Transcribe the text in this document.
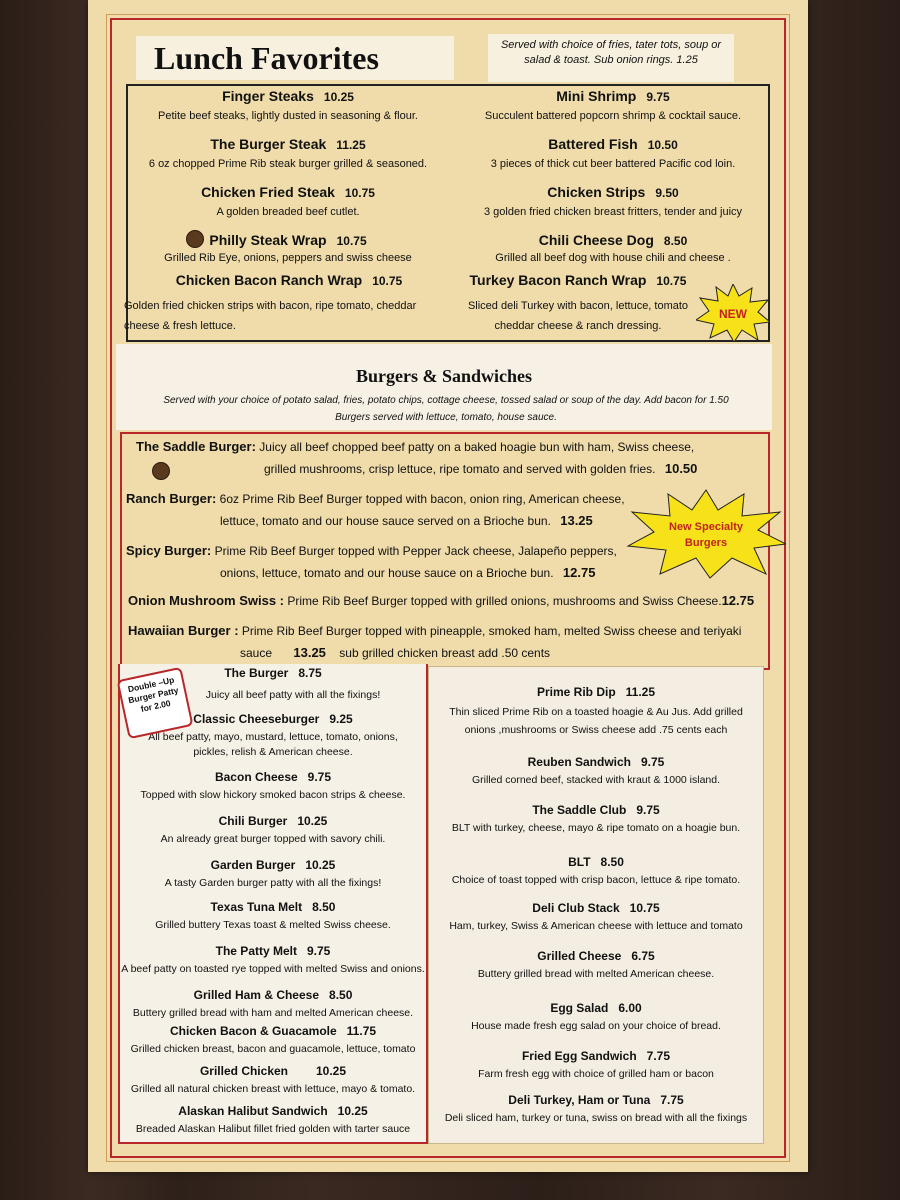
Lunch Favorites	Served with choice of fries, tater tots, soup or salad & toast. Sub onion rings. 1.25
Finger Steaks 10.25
Petite beef steaks, lightly dusted in seasoning & flour.
The Burger Steak 11.25
6 oz chopped Prime Rib steak burger grilled & seasoned.
Chicken Fried Steak 10.75
A golden breaded beef cutlet.
Philly Steak Wrap 10.75
Grilled Rib Eye, onions, peppers and swiss cheese
Chicken Bacon Ranch Wrap 10.75
Golden fried chicken strips with bacon, ripe tomato, cheddar cheese & fresh lettuce.
Mini Shrimp 9.75
Succulent battered popcorn shrimp & cocktail sauce.
Battered Fish 10.50
3 pieces of thick cut beer battered Pacific cod loin.
Chicken Strips 9.50
3 golden fried chicken breast fritters, tender and juicy
Chili Cheese Dog 8.50
Grilled all beef dog with house chili and cheese .
Turkey Bacon Ranch Wrap 10.75
Sliced deli Turkey with bacon, lettuce, tomato cheddar cheese & ranch dressing.
NEW
Burgers & Sandwiches
Served with your choice of potato salad, fries, potato chips, cottage cheese, tossed salad or soup of the day. Add bacon for 1.50
Burgers served with lettuce, tomato, house sauce.
The Saddle Burger: Juicy all beef chopped beef patty on a baked hoagie bun with ham, Swiss cheese,
grilled mushrooms, crisp lettuce, ripe tomato and served with golden fries. 10.50
Ranch Burger: 6oz Prime Rib Beef Burger topped with bacon, onion ring, American cheese,
lettuce, tomato and our house sauce served on a Brioche bun. 13.25
Spicy Burger: Prime Rib Beef Burger topped with Pepper Jack cheese, Jalapeño peppers,
onions, lettuce, tomato and our house sauce on a Brioche bun. 12.75
Onion Mushroom Swiss : Prime Rib Beef Burger topped with grilled onions, mushrooms and Swiss Cheese.12.75
Hawaiian Burger : Prime Rib Beef Burger topped with pineapple, smoked ham, melted Swiss cheese and teriyaki
sauce 13.25 sub grilled chicken breast add .50 cents
New Specialty
Burgers
The Burger 8.75
Juicy all beef patty with all the fixings!
Classic Cheeseburger 9.25
All beef patty, mayo, mustard, lettuce, tomato, onions, pickles, relish & American cheese.
Bacon Cheese 9.75
Topped with slow hickory smoked bacon strips & cheese.
Chili Burger 10.25
An already great burger topped with savory chili.
Garden Burger 10.25
A tasty Garden burger patty with all the fixings!
Texas Tuna Melt 8.50
Grilled buttery Texas toast & melted Swiss cheese.
The Patty Melt 9.75
A beef patty on toasted rye topped with melted Swiss and onions.
Grilled Ham & Cheese 8.50
Buttery grilled bread with ham and melted American cheese.
Chicken Bacon & Guacamole 11.75
Grilled chicken breast, bacon and guacamole, lettuce, tomato
Grilled Chicken 10.25
Grilled all natural chicken breast with lettuce, mayo & tomato.
Alaskan Halibut Sandwich 10.25
Breaded Alaskan Halibut fillet fried golden with tarter sauce
Double –Up Burger Patty for 2.00
Prime Rib Dip 11.25
Thin sliced Prime Rib on a toasted hoagie & Au Jus. Add grilled onions ,mushrooms or Swiss cheese add .75 cents each
Reuben Sandwich 9.75
Grilled corned beef, stacked with kraut & 1000 island.
The Saddle Club 9.75
BLT with turkey, cheese, mayo & ripe tomato on a hoagie bun.
BLT 8.50
Choice of toast topped with crisp bacon, lettuce & ripe tomato.
Deli Club Stack 10.75
Ham, turkey, Swiss & American cheese with lettuce and tomato
Grilled Cheese 6.75
Buttery grilled bread with melted American cheese.
Egg Salad 6.00
House made fresh egg salad on your choice of bread.
Fried Egg Sandwich 7.75
Farm fresh egg with choice of grilled ham or bacon
Deli Turkey, Ham or Tuna 7.75
Deli sliced ham, turkey or tuna, swiss on bread with all the fixings
